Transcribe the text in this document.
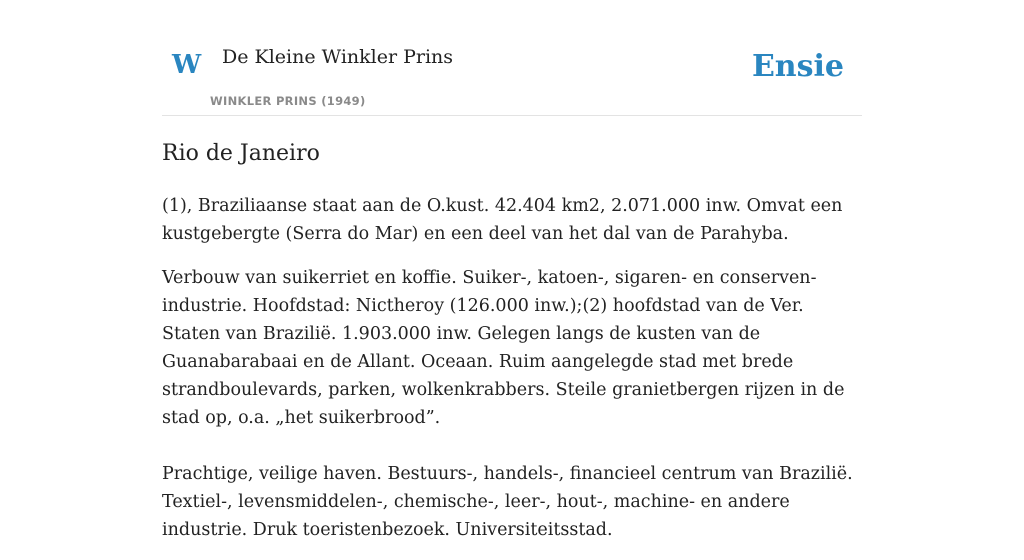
W De Kleine Winkler Prins
WINKLER PRINS (1949)
Ensie
Rio de Janeiro

(1), Braziliaanse staat aan de O.kust. 42.404 km2, 2.071.000 inw. Omvat een kustgebergte (Serra do Mar) en een deel van het dal van de Parahyba.

Verbouw van suikerriet en koffie. Suiker-, katoen-, sigaren- en conserven-industrie. Hoofdstad: Nictheroy (126.000 inw.);(2) hoofdstad van de Ver. Staten van Brazilië. 1.903.000 inw. Gelegen langs de kusten van de Guanabarabaai en de Allant. Oceaan. Ruim aangelegde stad met brede strandboulevards, parken, wolkenkrabbers. Steile granietbergen rijzen in de stad op, o.a. „het suikerbrood”.

Prachtige, veilige haven. Bestuurs-, handels-, financieel centrum van Brazilië. Textiel-, levensmiddelen-, chemische-, leer-, hout-, machine- en andere industrie. Druk toeristenbezoek. Universiteitsstad.
